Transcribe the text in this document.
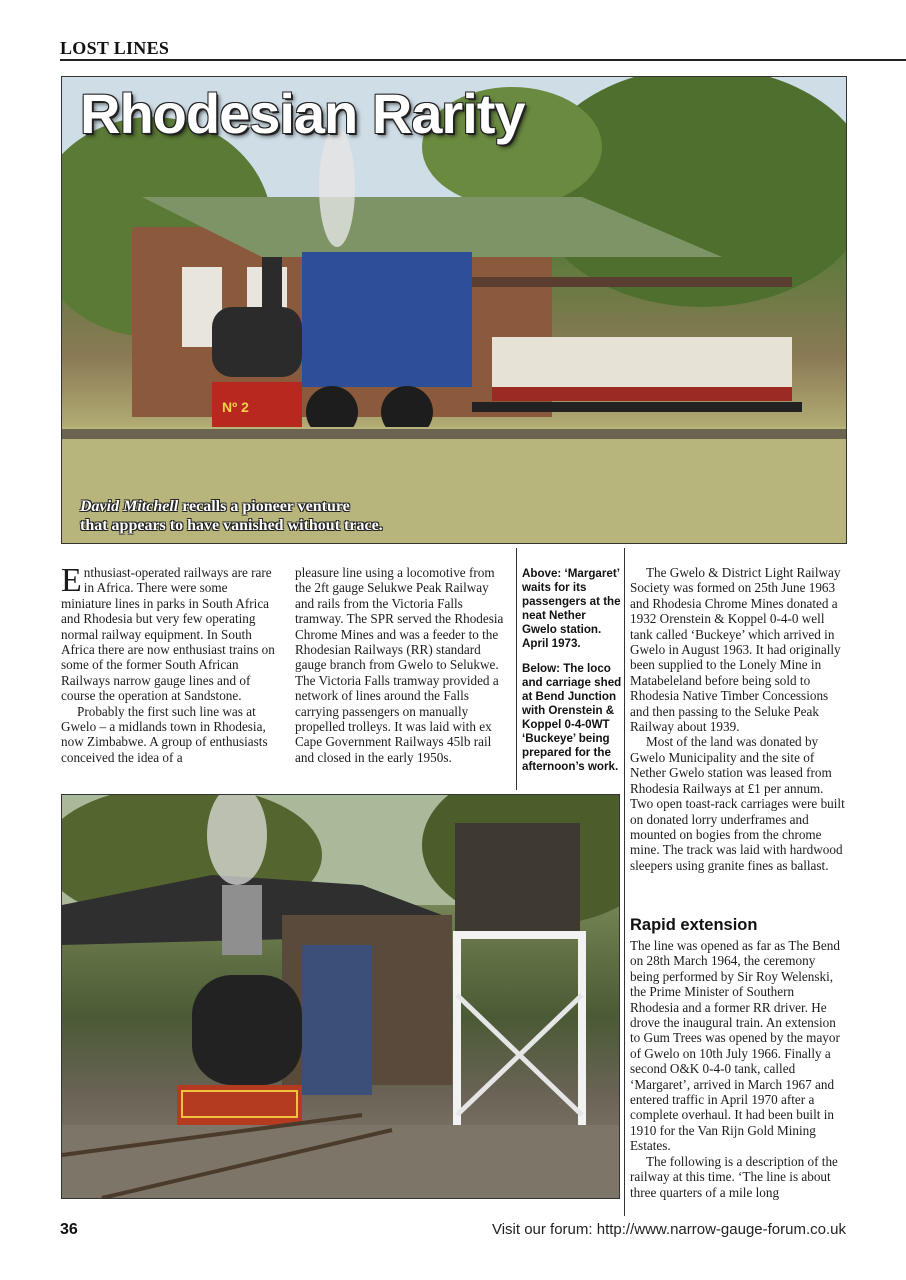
LOST LINES
Nº 2
Rhodesian Rarity
David Mitchell recalls a pioneer venture
that appears to have vanished without trace.

Enthusiast-operated railways are rare in Africa. There were some miniature lines in parks in South Africa and Rhodesia but very few operating normal railway equipment. In South Africa there are now enthusiast trains on some of the former South African Railways narrow gauge lines and of course the operation at Sandstone.

Probably the first such line was at Gwelo – a midlands town in Rhodesia, now Zimbabwe. A group of enthusiasts conceived the idea of a

pleasure line using a locomotive from the 2ft gauge Selukwe Peak Railway and rails from the Victoria Falls tramway. The SPR served the Rhodesia Chrome Mines and was a feeder to the Rhodesian Railways (RR) standard gauge branch from Gwelo to Selukwe. The Victoria Falls tramway provided a network of lines around the Falls carrying passengers on manually propelled trolleys. It was laid with ex Cape Government Railways 45lb rail and closed in the early 1950s.

Above: ‘Margaret’ waits for its passengers at the neat Nether Gwelo station. April 1973.

Below: The loco and carriage shed at Bend Junction with Orenstein & Koppel 0-4-0WT ‘Buckeye’ being prepared for the afternoon’s work.

The Gwelo & District Light Railway Society was formed on 25th June 1963 and Rhodesia Chrome Mines donated a 1932 Orenstein & Koppel 0-4-0 well tank called ‘Buckeye’ which arrived in Gwelo in August 1963. It had originally been supplied to the Lonely Mine in Matabeleland before being sold to Rhodesia Native Timber Concessions and then passing to the Seluke Peak Railway about 1939.

Most of the land was donated by Gwelo Municipality and the site of Nether Gwelo station was leased from Rhodesia Railways at £1 per annum. Two open toast-rack carriages were built on donated lorry underframes and mounted on bogies from the chrome mine. The track was laid with hardwood sleepers using granite fines as ballast.

Rapid extension

The line was opened as far as The Bend on 28th March 1964, the ceremony being performed by Sir Roy Welenski, the Prime Minister of Southern Rhodesia and a former RR driver. He drove the inaugural train. An extension to Gum Trees was opened by the mayor of Gwelo on 10th July 1966. Finally a second O&K 0-4-0 tank, called ‘Margaret’, arrived in March 1967 and entered traffic in April 1970 after a complete overhaul. It had been built in 1910 for the Van Rijn Gold Mining Estates.

The following is a description of the railway at this time. ‘The line is about three quarters of a mile long

36	Visit our forum: http://www.narrow-gauge-forum.co.uk
